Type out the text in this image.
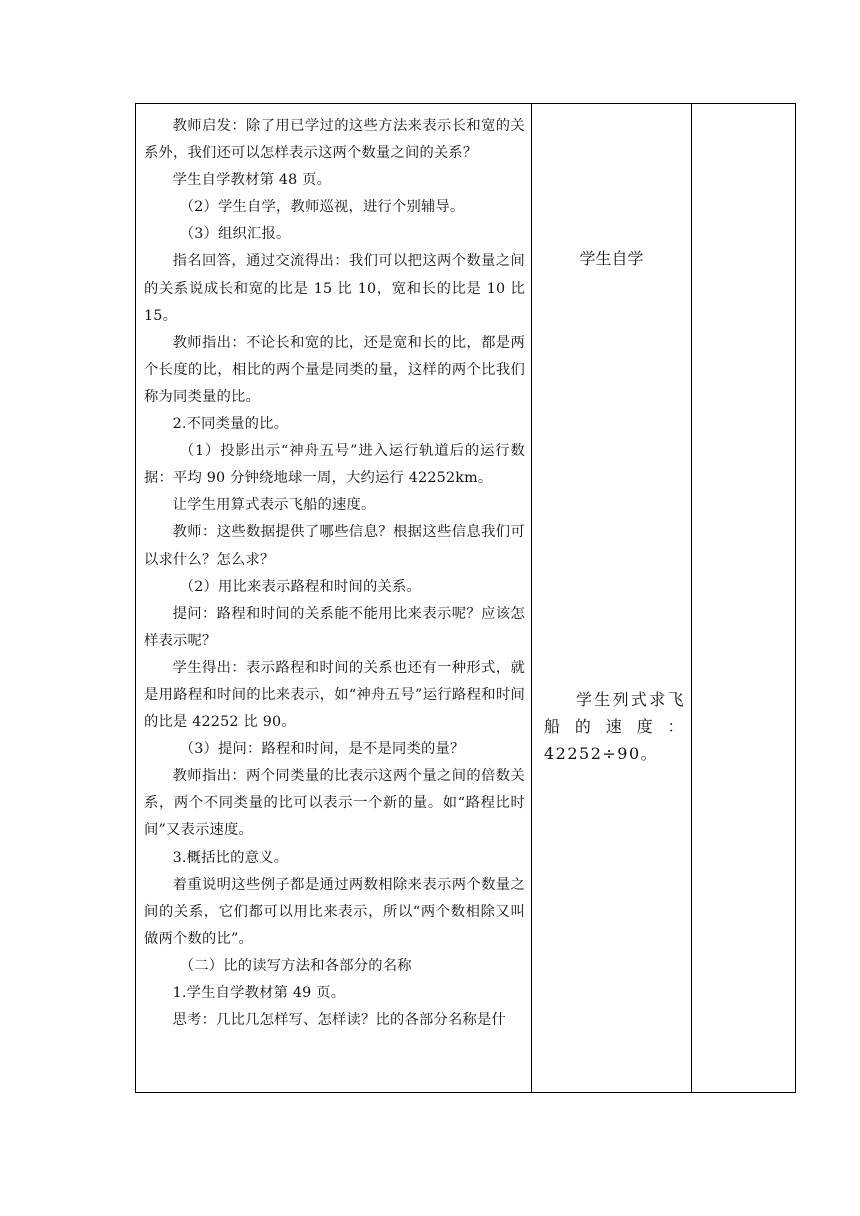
教师启发：除了用已学过的这些方法来表示长和宽的关系外，我们还可以怎样表示这两个数量之间的关系？

学生自学教材第 48 页。

（2）学生自学，教师巡视，进行个别辅导。

（3）组织汇报。

指名回答，通过交流得出：我们可以把这两个数量之间的关系说成长和宽的比是 15 比 10，宽和长的比是 10 比 15。

教师指出：不论长和宽的比，还是宽和长的比，都是两个长度的比，相比的两个量是同类的量，这样的两个比我们称为同类量的比。

2.不同类量的比。

（1）投影出示“神舟五号”进入运行轨道后的运行数据：平均 90 分钟绕地球一周，大约运行 42252km。

让学生用算式表示飞船的速度。

教师：这些数据提供了哪些信息？根据这些信息我们可以求什么？怎么求？

（2）用比来表示路程和时间的关系。

提问：路程和时间的关系能不能用比来表示呢？应该怎样表示呢？

学生得出：表示路程和时间的关系也还有一种形式，就是用路程和时间的比来表示，如“神舟五号”运行路程和时间的比是 42252 比 90。

（3）提问：路程和时间，是不是同类的量？

教师指出：两个同类量的比表示这两个量之间的倍数关系，两个不同类量的比可以表示一个新的量。如“路程比时间”又表示速度。

3.概括比的意义。

着重说明这些例子都是通过两数相除来表示两个数量之间的关系，它们都可以用比来表示，所以“两个数相除又叫做两个数的比”。

（二）比的读写方法和各部分的名称

1.学生自学教材第 49 页。

思考：几比几怎样写、怎样读？比的各部分名称是什

学生自学
学生列式求飞船的速度：42252÷90。
